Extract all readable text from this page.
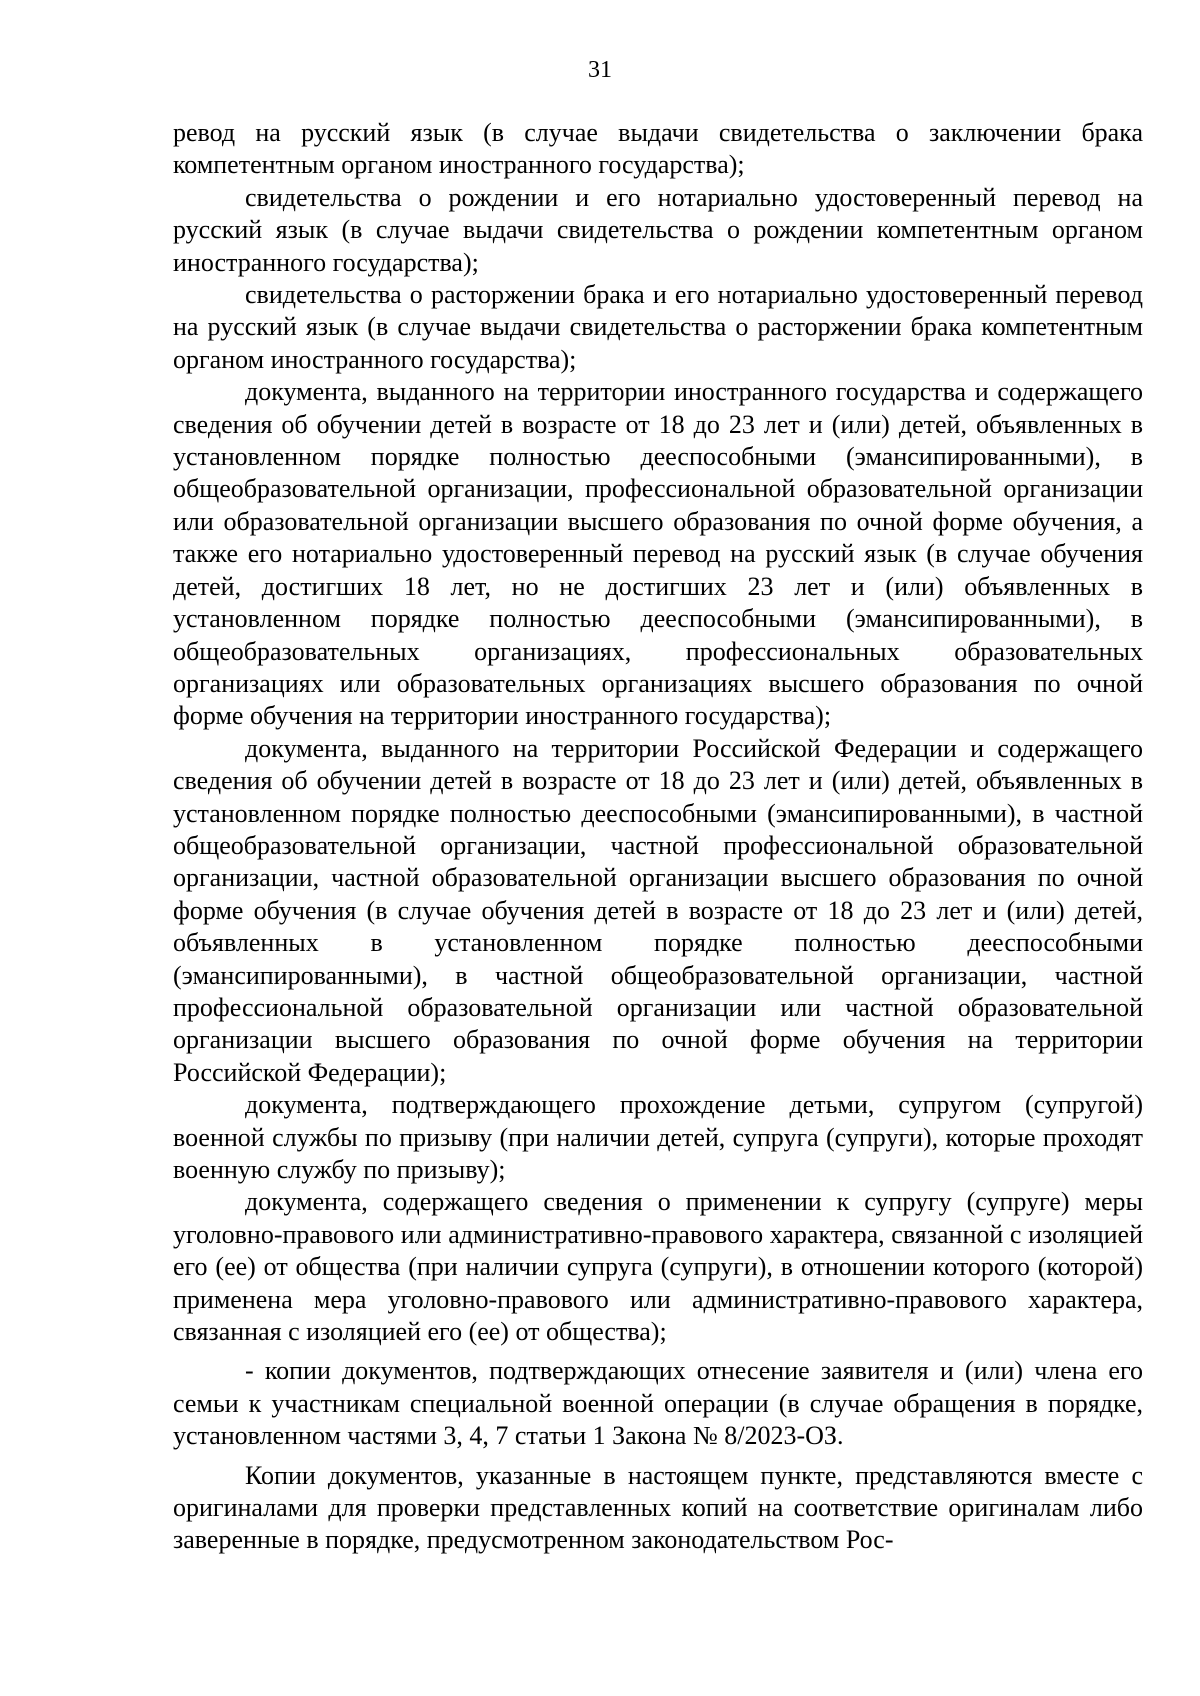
31

ревод на русский язык (в случае выдачи свидетельства о заключении брака компетентным органом иностранного государства);

свидетельства о рождении и его нотариально удостоверенный перевод на русский язык (в случае выдачи свидетельства о рождении компетентным органом иностранного государства);

свидетельства о расторжении брака и его нотариально удостоверенный перевод на русский язык (в случае выдачи свидетельства о расторжении брака компетентным органом иностранного государства);

документа, выданного на территории иностранного государства и содержащего сведения об обучении детей в возрасте от 18 до 23 лет и (или) детей, объявленных в установленном порядке полностью дееспособными (эмансипированными), в общеобразовательной организации, профессиональной образовательной организации или образовательной организации высшего образования по очной форме обучения, а также его нотариально удостоверенный перевод на русский язык (в случае обучения детей, достигших 18 лет, но не достигших 23 лет и (или) объявленных в установленном порядке полностью дееспособными (эмансипированными), в общеобразовательных организациях, профессиональных образовательных организациях или образовательных организациях высшего образования по очной форме обучения на территории иностранного государства);

документа, выданного на территории Российской Федерации и содержащего сведения об обучении детей в возрасте от 18 до 23 лет и (или) детей, объявленных в установленном порядке полностью дееспособными (эмансипированными), в частной общеобразовательной организации, частной профессиональной образовательной организации, частной образовательной организации высшего образования по очной форме обучения (в случае обучения детей в возрасте от 18 до 23 лет и (или) детей, объявленных в установленном порядке полностью дееспособными (эмансипированными), в частной общеобразовательной организации, частной профессиональной образовательной организации или частной образовательной организации высшего образования по очной форме обучения на территории Российской Федерации);

документа, подтверждающего прохождение детьми, супругом (супругой) военной службы по призыву (при наличии детей, супруга (супруги), которые проходят военную службу по призыву);

документа, содержащего сведения о применении к супругу (супруге) меры уголовно-правового или административно-правового характера, связанной с изоляцией его (ее) от общества (при наличии супруга (супруги), в отношении которого (которой) применена мера уголовно-правового или административно-правового характера, связанная с изоляцией его (ее) от общества);

- копии документов, подтверждающих отнесение заявителя и (или) члена его семьи к участникам специальной военной операции (в случае обращения в порядке, установленном частями 3, 4, 7 статьи 1 Закона № 8/2023-ОЗ.

Копии документов, указанные в настоящем пункте, представляются вместе с оригиналами для проверки представленных копий на соответствие оригиналам либо заверенные в порядке, предусмотренном законодательством Рос-
